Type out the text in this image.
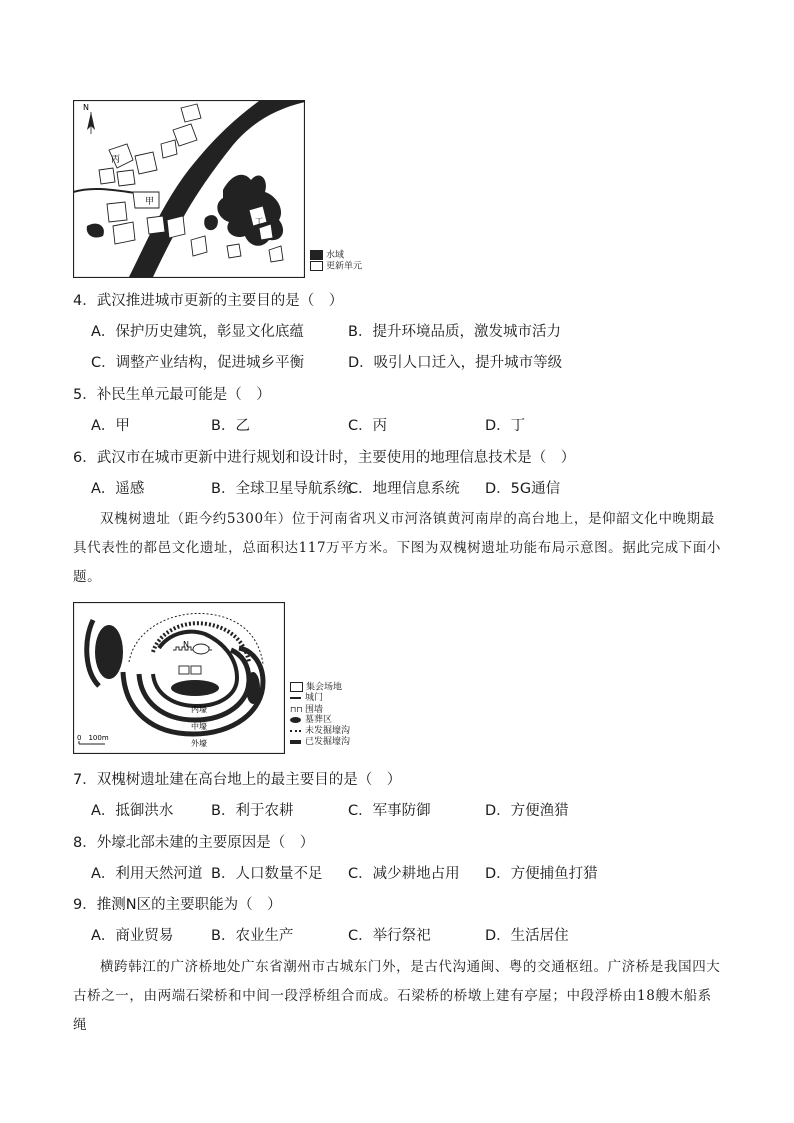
N
丙
甲
丁
水域
更新单元
4．武汉推进城市更新的主要目的是（　）
A．保护历史建筑，彰显文化底蕴	B．提升环境品质，激发城市活力
C．调整产业结构，促进城乡平衡	D．吸引人口迁入，提升城市等级
5．补民生单元最可能是（　）
A．甲	B．乙	C．丙	D．丁
6．武汉市在城市更新中进行规划和设计时，主要使用的地理信息技术是（　）
A．遥感	B．全球卫星导航系统
C．地理信息系统 D．5G通信
双槐树遗址（距今约5300年）位于河南省巩义市河洛镇黄河南岸的高台地上，是仰韶文化中晚期最具代表性的都邑文化遗址，总面积达117万平方米。下图为双槐树遗址功能布局示意图。据此完成下面小题。
N
内壕
中壕
外壕
0　100m
集会场地
城门
⊓⊓ 围墙
墓葬区
未发掘壕沟
已发掘壕沟
7．双槐树遗址建在高台地上的最主要目的是（　）
A．抵御洪水	B．利于农耕	C．军事防御	D．方便渔猎
8．外壕北部未建的主要原因是（　）
A．利用天然河道 B．人口数量不足 C．减少耕地占用 D．方便捕鱼打猎
9．推测N区的主要职能为（　）
A．商业贸易	B．农业生产	C．举行祭祀	D．生活居住
横跨韩江的广济桥地处广东省潮州市古城东门外，是古代沟通闽、粤的交通枢纽。广济桥是我国四大古桥之一，由两端石梁桥和中间一段浮桥组合而成。石梁桥的桥墩上建有亭屋；中段浮桥由18艘木船系绳
